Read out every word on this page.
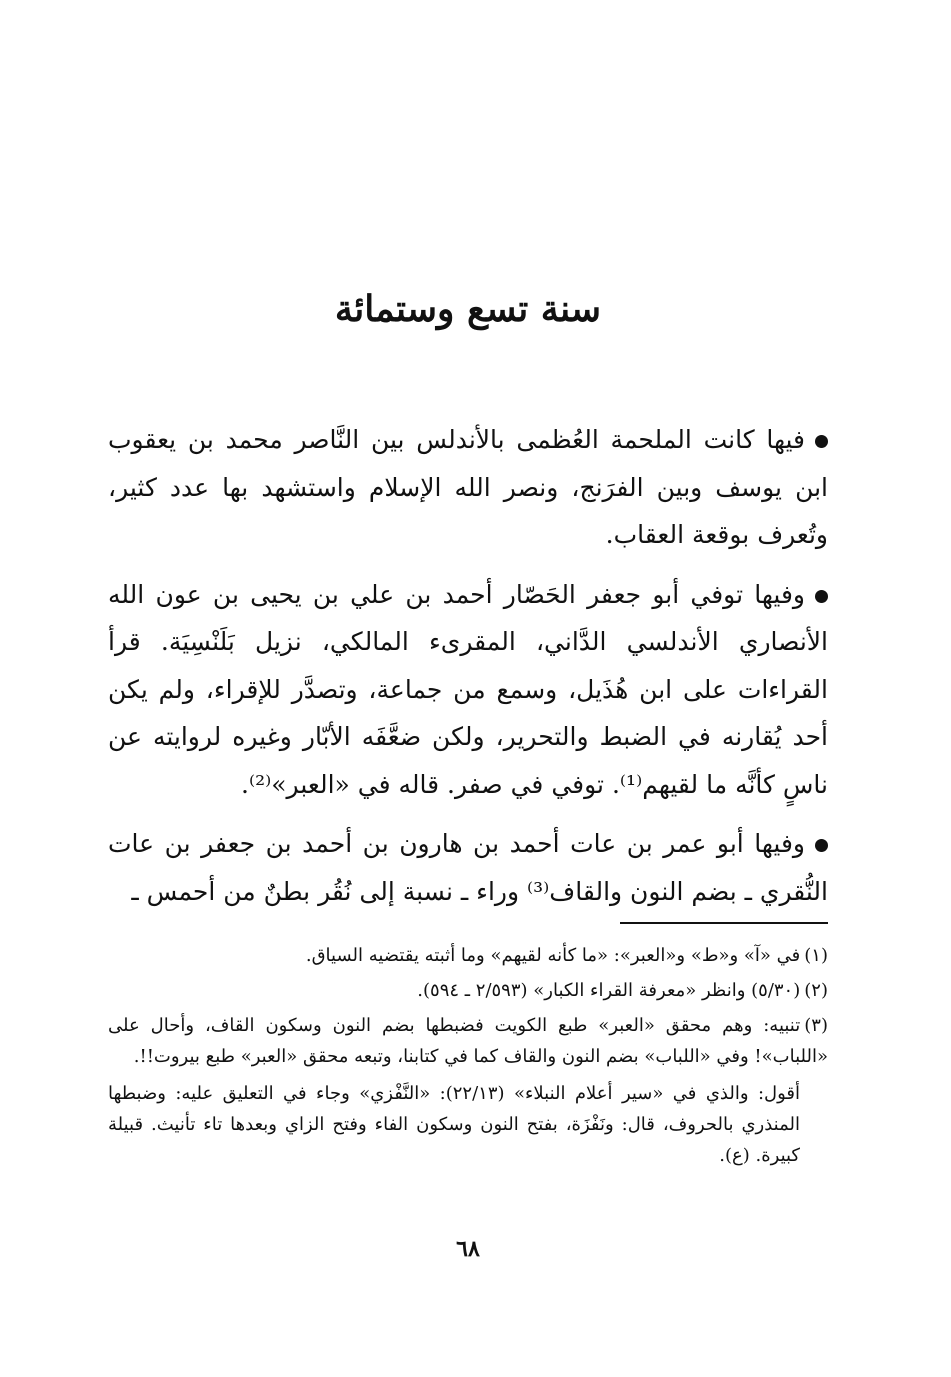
سنة تسع وستمائة

فيها كانت الملحمة العُظمى بالأندلس بين النَّاصر محمد بن يعقوب ابن يوسف وبين الفرَنج، ونصر الله الإسلام واستشهد بها عدد كثير، وتُعرف بوقعة العقاب.

وفيها توفي أبو جعفر الحَصّار أحمد بن علي بن يحيى بن عون الله الأنصاري الأندلسي الدَّاني، المقرىء المالكي، نزيل بَلَنْسِيَة. قرأ القراءات على ابن هُذَيل، وسمع من جماعة، وتصدَّر للإقراء، ولم يكن أحد يُقارنه في الضبط والتحرير، ولكن ضعَّفَه الأبّار وغيره لروايته عن ناسٍ كأنَّه ما لقيهم⁽¹⁾. توفي في صفر. قاله في «العبر»⁽²⁾.

وفيها أبو عمر بن عات أحمد بن هارون بن أحمد بن جعفر بن عات النُّقري ـ بضم النون والقاف⁽³⁾ وراء ـ نسبة إلى نُقُر بطنٌ من أحمس ـ

(١)في «آ» و«ط» و«العبر»: «ما كأنه لقيهم» وما أثبته يقتضيه السياق.

(٢)(٥/٣٠) وانظر «معرفة القراء الكبار» (٢/٥٩٣ ـ ٥٩٤).

(٣)تنبيه: وهم محقق «العبر» طبع الكويت فضبطها بضم النون وسكون القاف، وأحال على «اللباب»! وفي «اللباب» بضم النون والقاف كما في كتابنا، وتبعه محقق «العبر» طبع بيروت!!.

أقول: والذي في «سير أعلام النبلاء» (٢٢/١٣): «النَّفْزي» وجاء في التعليق عليه: وضبطها المنذري بالحروف، قال: ونَفْزَة، بفتح النون وسكون الفاء وفتح الزاي وبعدها تاء تأنيث. قبيلة كبيرة. (ع).

٦٨
